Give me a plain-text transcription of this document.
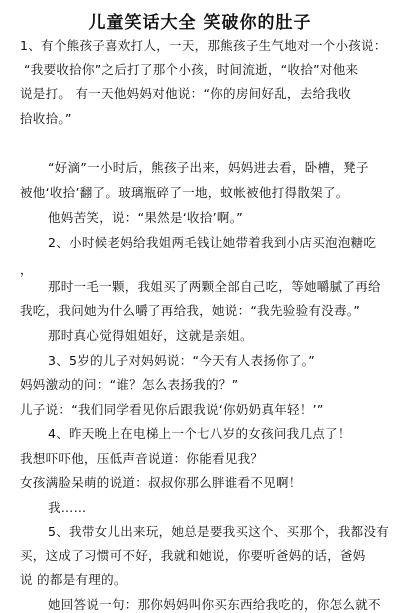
儿童笑话大全 笑破你的肚子

1、有个熊孩子喜欢打人，一天，那熊孩子生气地对一个小孩说：

“我要收拾你”之后打了那个小孩，时间流逝，“收拾”对他来

说是打。 有一天他妈妈对他说：“你的房间好乱，去给我收

拾收拾。”

“好滴”一小时后，熊孩子出来，妈妈进去看，卧槽，凳子

被他‘收拾’翻了。玻璃瓶碎了一地，蚊帐被他打得散架了。

他妈苦笑，说：“果然是‘收拾’啊。”

2、小时候老妈给我姐两毛钱让她带着我到小店买泡泡糖吃

，

那时一毛一颗，我姐买了两颗全部自己吃，等她嚼腻了再给

我吃，我问她为什么嚼了再给我，她说：“我先验验有没毒。”

那时真心觉得姐姐好，这就是亲姐。

3、5岁的儿子对妈妈说：“今天有人表扬你了。”

妈妈激动的问：“谁？怎么表扬我的？”

儿子说：“我们同学看见你后跟我说‘你奶奶真年轻！’”

4、昨天晚上在电梯上一个七八岁的女孩问我几点了！

我想吓吓他，压低声音说道：你能看见我？

女孩满脸呆萌的说道：叔叔你那么胖谁看不见啊！

我……

5、我带女儿出来玩，她总是要我买这个、买那个，我都没有

买，这成了习惯可不好，我就和她说，你要听爸妈的话，爸妈

说 的都是有理的。

她回答说一句：那你妈妈叫你买东西给我吃的，你怎么就不
